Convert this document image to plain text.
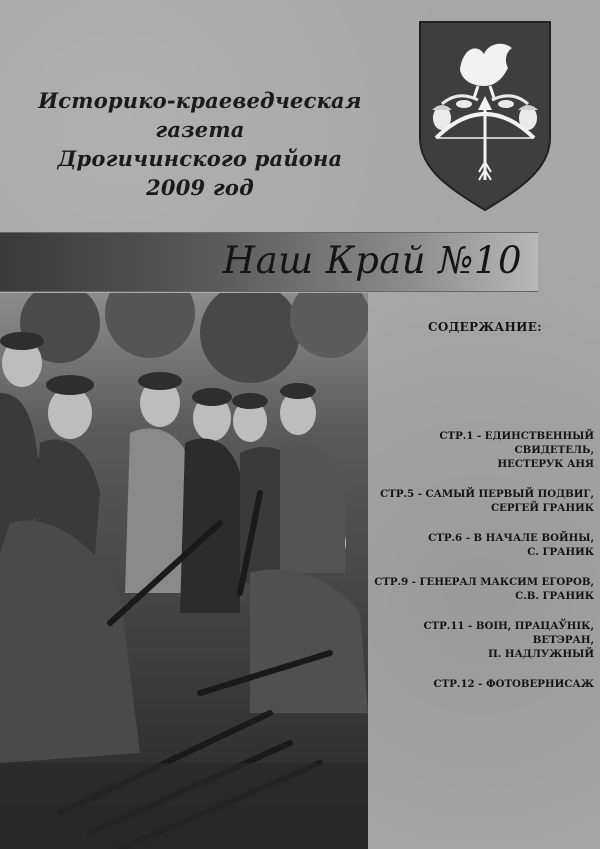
Историко-краеведческая газета
Дрогичинского района
2009 год
Наш Край №10
СОДЕРЖАНИЕ:
СТР.1 - ЕДИНСТВЕННЫЙ СВИДЕТЕЛЬ,
НЕСТЕРУК АНЯ
СТР.5 - САМЫЙ ПЕРВЫЙ ПОДВИГ,
СЕРГЕЙ ГРАНИК
СТР.6 - В НАЧАЛЕ ВОЙНЫ,
С. ГРАНИК
СТР.9 - ГЕНЕРАЛ МАКСИМ ЕГОРОВ,
С.В. ГРАНИК
СТР.11 - ВОІН, ПРАЦАЎНІК, ВЕТЭРАН,
П. НАДЛУЖНЫЙ
СТР.12 - ФОТОВЕРНИСАЖ
